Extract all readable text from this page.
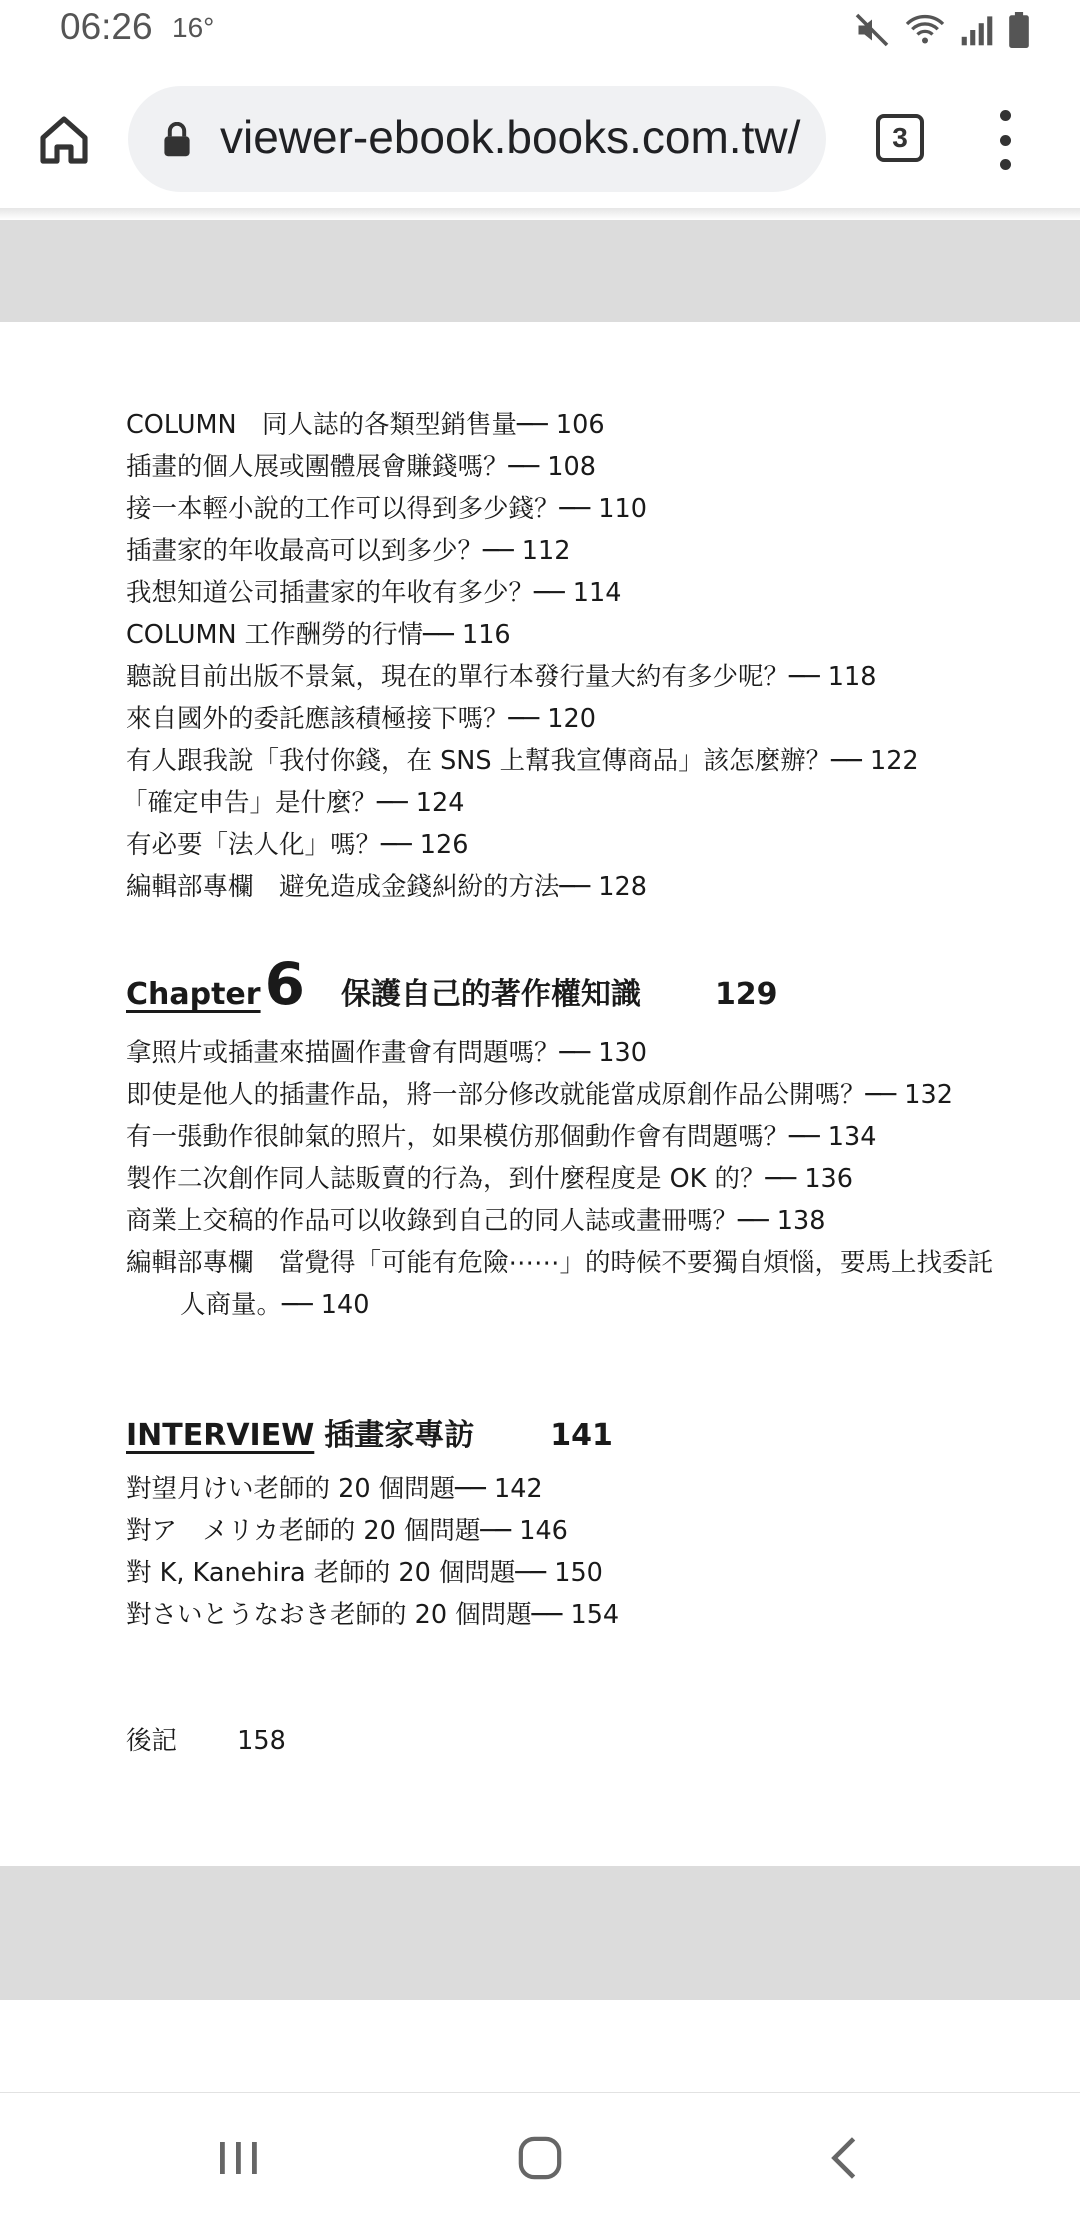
06:26 16°
viewer-ebook.books.com.tw/	3
COLUMN　同人誌的各類型銷售量── 106
插畫的個人展或團體展會賺錢嗎？── 108
接一本輕小說的工作可以得到多少錢？── 110
插畫家的年收最高可以到多少？── 112
我想知道公司插畫家的年收有多少？── 114
COLUMN 工作酬勞的行情── 116
聽說目前出版不景氣，現在的單行本發行量大約有多少呢？── 118
來自國外的委託應該積極接下嗎？── 120
有人跟我說「我付你錢，在 SNS 上幫我宣傳商品」該怎麼辦？── 122
「確定申告」是什麼？── 124
有必要「法人化」嗎？── 126
編輯部專欄　避免造成金錢糾紛的方法── 128
Chapter 6 保護自己的著作權知識 129
拿照片或插畫來描圖作畫會有問題嗎？── 130
即使是他人的插畫作品，將一部分修改就能當成原創作品公開嗎？── 132
有一張動作很帥氣的照片，如果模仿那個動作會有問題嗎？── 134
製作二次創作同人誌販賣的行為，到什麼程度是 OK 的？── 136
商業上交稿的作品可以收錄到自己的同人誌或畫冊嗎？── 138
編輯部專欄　當覺得「可能有危險⋯⋯」的時候不要獨自煩惱，要馬上找委託
人商量。── 140
INTERVIEW 插畫家專訪	141
對望月けい老師的 20 個問題── 142
對ア　メリカ老師的 20 個問題── 146
對 K, Kanehira 老師的 20 個問題── 150
對さいとうなおき老師的 20 個問題── 154
後記 158
